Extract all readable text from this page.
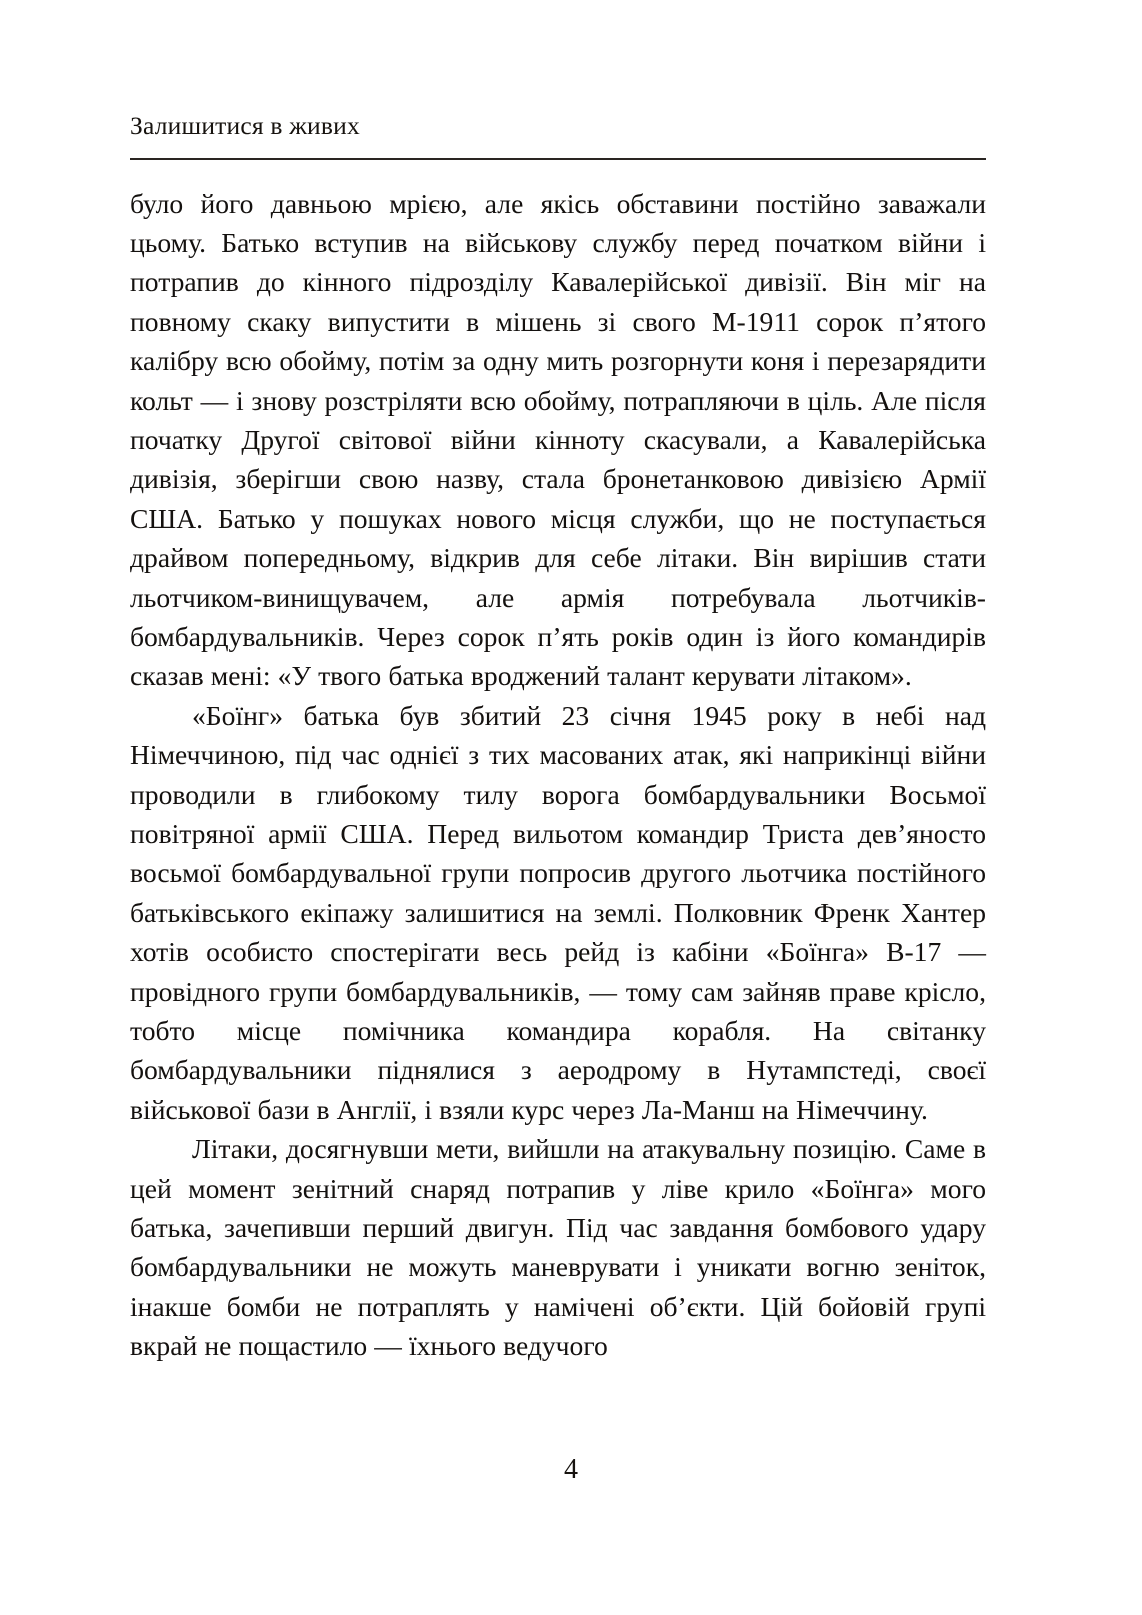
Залишитися в живих

було його давньою мрією, але якісь обставини постійно заважали цьому. Батько вступив на військову службу перед початком війни і потрапив до кінного підрозділу Кавалерійської дивізії. Він міг на повному скаку випустити в мішень зі свого М-1911 сорок п’ятого калібру всю обойму, потім за одну мить розгорнути коня і перезарядити кольт — і знову розстріляти всю обойму, потрапляючи в ціль. Але після початку Другої світової війни кінноту скасували, а Кавалерійська дивізія, зберігши свою назву, стала бронетанковою дивізією Армії США. Батько у пошуках нового місця служби, що не поступається драйвом попередньому, відкрив для себе літаки. Він вирішив стати льотчиком-винищувачем, але армія потребувала льотчиків-бомбардувальників. Через сорок п’ять років один із його командирів сказав мені: «У твого батька вроджений талант керувати літаком».

«Боїнг» батька був збитий 23 січня 1945 року в небі над Німеччиною, під час однієї з тих масованих атак, які наприкінці війни проводили в глибокому тилу ворога бомбардувальники Восьмої повітряної армії США. Перед вильотом командир Триста дев’яносто восьмої бомбардувальної групи попросив другого льотчика постійного батьківського екіпажу залишитися на землі. Полковник Френк Хантер хотів особисто спостерігати весь рейд із кабіни «Боїнга» В-17 — провідного групи бомбардувальників, — тому сам зайняв праве крісло, тобто місце помічника командира корабля. На світанку бомбардувальники піднялися з аеродрому в Нутампстеді, своєї військової бази в Англії, і взяли курс через Ла-Манш на Німеччину.

Літаки, досягнувши мети, вийшли на атакувальну позицію. Саме в цей момент зенітний снаряд потрапив у ліве крило «Боїнга» мого батька, зачепивши перший двигун. Під час завдання бомбового удару бомбардувальники не можуть маневрувати і уникати вогню зеніток, інакше бомби не потраплять у намічені об’єкти. Цій бойовій групі вкрай не пощастило — їхнього ведучого

4
